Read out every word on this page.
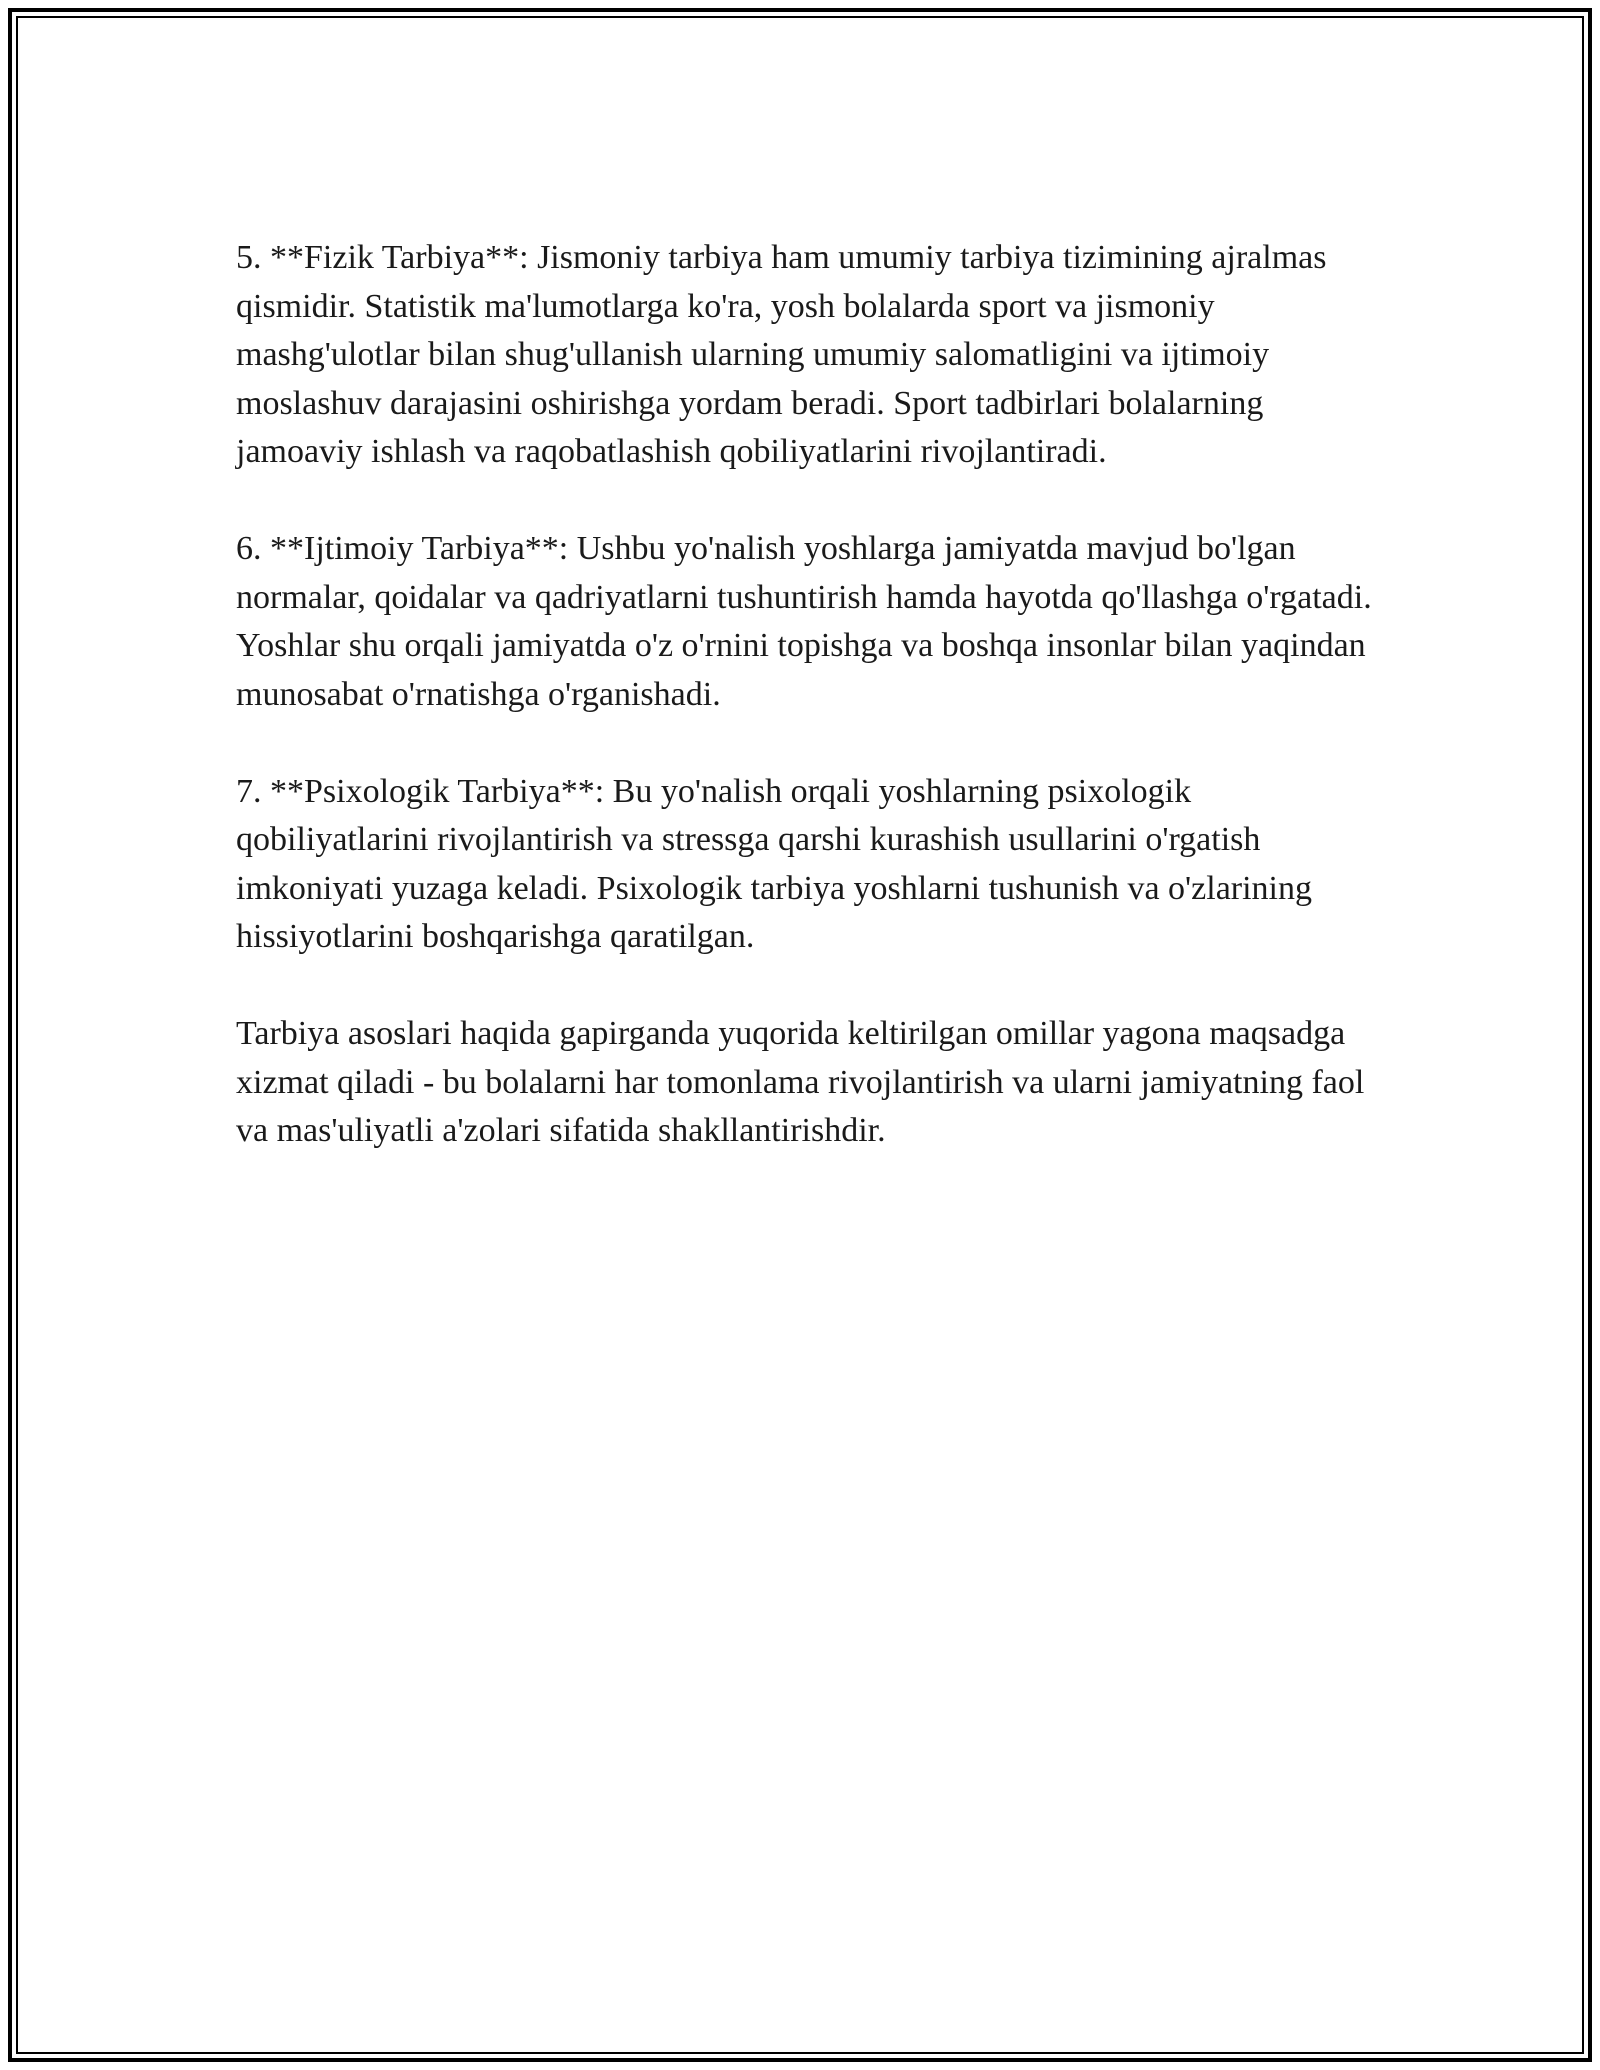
5. **Fizik Tarbiya**: Jismoniy tarbiya ham umumiy tarbiya tizimining ajralmas qismidir. Statistik ma'lumotlarga ko'ra, yosh bolalarda sport va jismoniy mashg'ulotlar bilan shug'ullanish ularning umumiy salomatligini va ijtimoiy moslashuv darajasini oshirishga yordam beradi. Sport tadbirlari bolalarning jamoaviy ishlash va raqobatlashish qobiliyatlarini rivojlantiradi.

6. **Ijtimoiy Tarbiya**: Ushbu yo'nalish yoshlarga jamiyatda mavjud bo'lgan normalar, qoidalar va qadriyatlarni tushuntirish hamda hayotda qo'llashga o'rgatadi. Yoshlar shu orqali jamiyatda o'z o'rnini topishga va boshqa insonlar bilan yaqindan munosabat o'rnatishga o'rganishadi.

7. **Psixologik Tarbiya**: Bu yo'nalish orqali yoshlarning psixologik qobiliyatlarini rivojlantirish va stressga qarshi kurashish usullarini o'rgatish imkoniyati yuzaga keladi. Psixologik tarbiya yoshlarni tushunish va o'zlarining hissiyotlarini boshqarishga qaratilgan.

Tarbiya asoslari haqida gapirganda yuqorida keltirilgan omillar yagona maqsadga xizmat qiladi - bu bolalarni har tomonlama rivojlantirish va ularni jamiyatning faol va mas'uliyatli a'zolari sifatida shakllantirishdir.
